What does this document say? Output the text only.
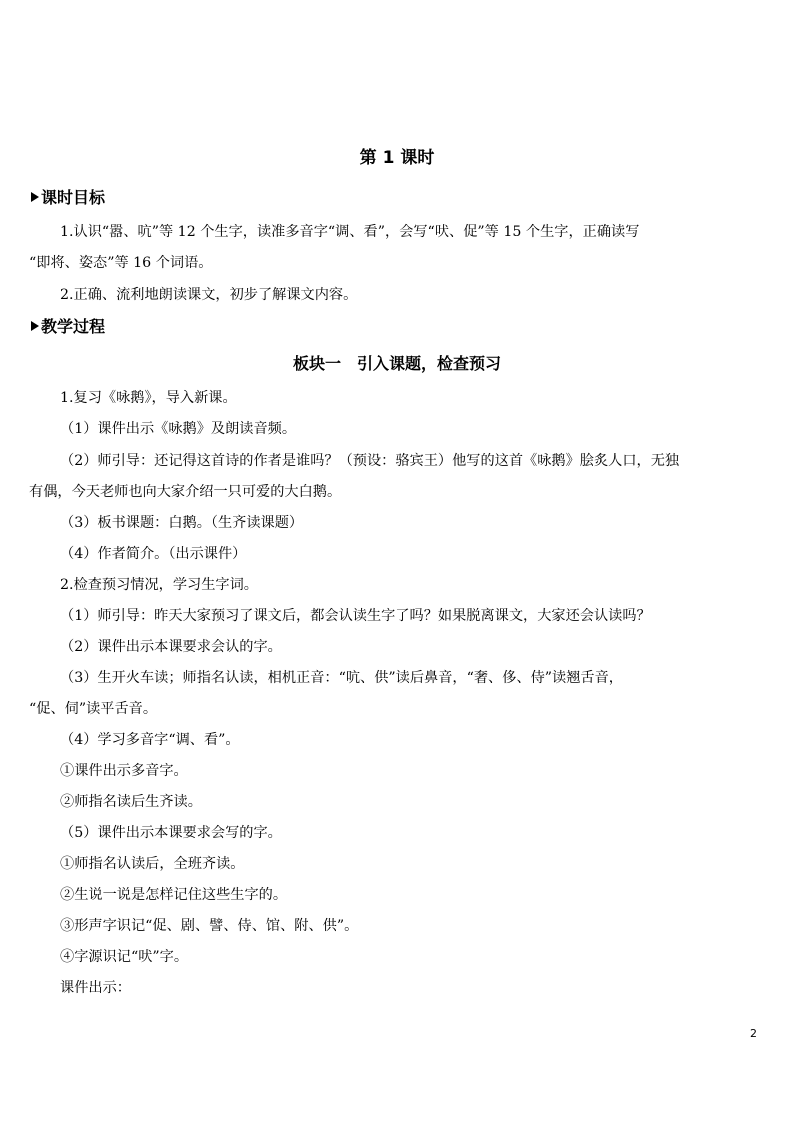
第 1 课时
课时目标
1.认识“嚣、吭”等 12 个生字，读准多音字“调、看”，会写“吠、促”等 15 个生字，正确读写
“即将、姿态”等 16 个词语。
2.正确、流利地朗读课文，初步了解课文内容。
教学过程
板块一　引入课题，检查预习
1.复习《咏鹅》，导入新课。
（1）课件出示《咏鹅》及朗读音频。
（2）师引导：还记得这首诗的作者是谁吗？（预设：骆宾王）他写的这首《咏鹅》脍炙人口，无独
有偶，今天老师也向大家介绍一只可爱的大白鹅。
（3）板书课题：白鹅。（生齐读课题）
（4）作者简介。（出示课件）
2.检查预习情况，学习生字词。
（1）师引导：昨天大家预习了课文后，都会认读生字了吗？如果脱离课文，大家还会认读吗？
（2）课件出示本课要求会认的字。
（3）生开火车读；师指名认读，相机正音：“吭、供”读后鼻音，“奢、侈、侍”读翘舌音，
“促、伺”读平舌音。
（4）学习多音字“调、看”。
①课件出示多音字。
②师指名读后生齐读。
（5）课件出示本课要求会写的字。
①师指名认读后，全班齐读。
②生说一说是怎样记住这些生字的。
③形声字识记“促、剧、譬、侍、馆、附、供”。
④字源识记“吠”字。
课件出示：
2
